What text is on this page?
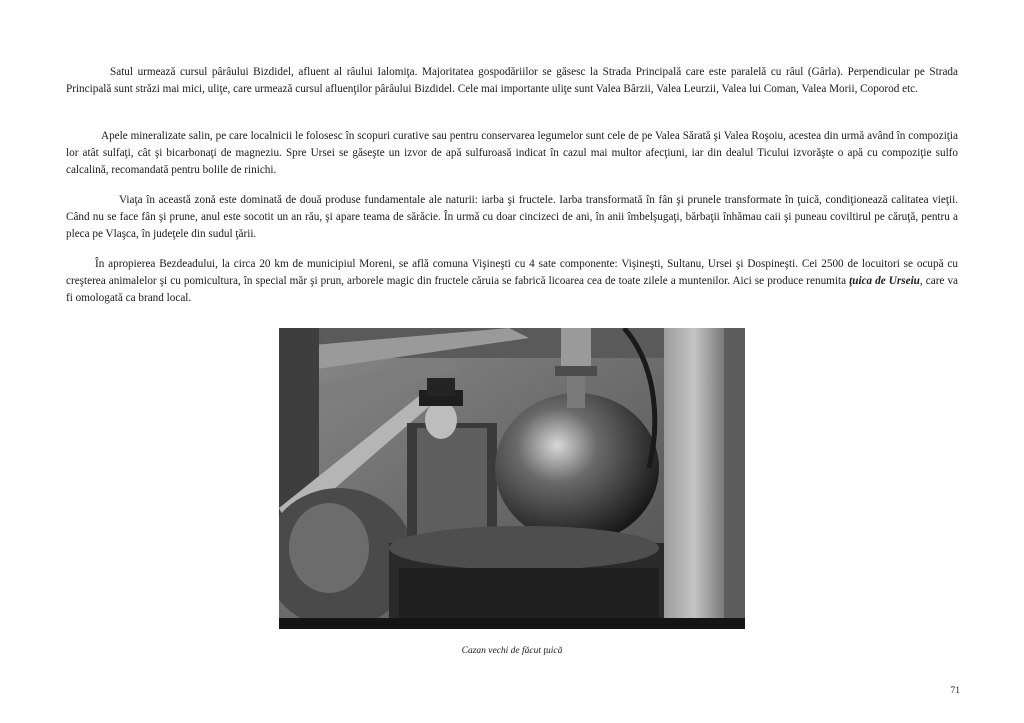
Satul urmează cursul pârâului Bizdidel, afluent al râului Ialomiţa. Majoritatea gospodăriilor se găsesc la Strada Principală care este paralelă cu râul (Gârla). Perpendicular pe Strada Principală sunt străzi mai mici, uliţe, care urmează cursul afluenţilor pârâului Bizdidel. Cele mai importante uliţe sunt Valea Bârzii, Valea Leurzii, Valea lui Coman, Valea Morii, Coporod etc.

Apele mineralizate salin, pe care localnicii le folosesc în scopuri curative sau pentru conservarea legumelor sunt cele de pe Valea Sărată şi Valea Roşoiu, acestea din urmă având în compoziţia lor atât sulfaţi, cât şi bicarbonaţi de magneziu. Spre Ursei se găseşte un izvor de apă sulfuroasă indicat în cazul mai multor afecţiuni, iar din dealul Ticului izvorăşte o apă cu compoziţie sulfo calcalină, recomandată pentru bolile de rinichi.

Viaţa în această zonă este dominată de două produse fundamentale ale naturii: iarba şi fructele. Iarba transformată în fân şi prunele transformate în ţuică, condiţionează calitatea vieţii. Când nu se face fân şi prune, anul este socotit un an rău, şi apare teama de sărăcie. În urmă cu doar cincizeci de ani, în anii îmbelşugaţi, bărbaţii înhămau caii şi puneau coviltirul pe căruţă, pentru a pleca pe Vlaşca, în judeţele din sudul ţării.

În apropierea Bezdeadului, la circa 20 km de municipiul Moreni, se află comuna Vişineşti cu 4 sate componente: Vişineşti, Sultanu, Ursei şi Dospineşti. Cei 2500 de locuitori se ocupă cu creşterea animalelor şi cu pomicultura, în special măr şi prun, arborele magic din fructele căruia se fabrică licoarea cea de toate zilele a muntenilor. Aici se produce renumita ţuica de Urseiu, care va fi omologată ca brand local.

Cazan vechi de făcut ţuică
71
